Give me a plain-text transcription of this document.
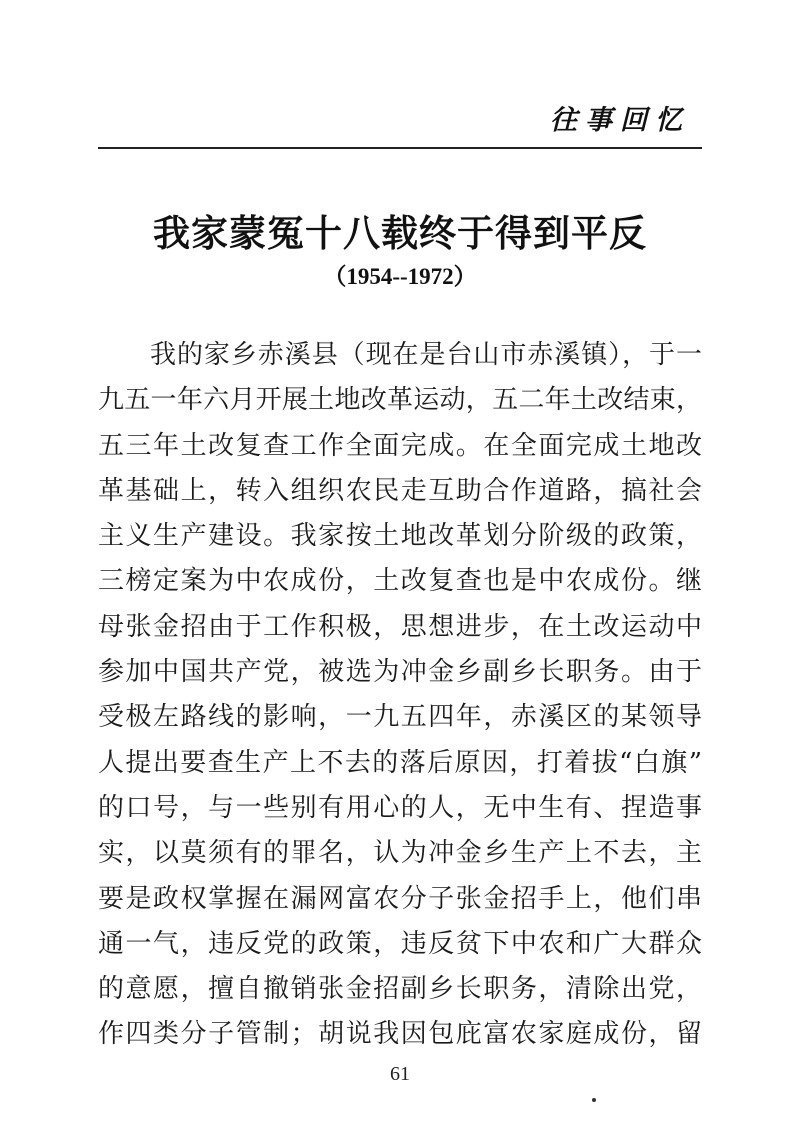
往事回忆
我家蒙冤十八载终于得到平反
（1954--1972）
我的家乡赤溪县（现在是台山市赤溪镇），于一
九五一年六月开展土地改革运动，五二年土改结束，
五三年土改复查工作全面完成。在全面完成土地改
革基础上，转入组织农民走互助合作道路，搞社会
主义生产建设。我家按土地改革划分阶级的政策，
三榜定案为中农成份，土改复查也是中农成份。继
母张金招由于工作积极，思想进步，在土改运动中
参加中国共产党，被选为冲金乡副乡长职务。由于
受极左路线的影响，一九五四年，赤溪区的某领导
人提出要查生产上不去的落后原因，打着拔“白旗”
的口号，与一些别有用心的人，无中生有、捏造事
实，以莫须有的罪名，认为冲金乡生产上不去，主
要是政权掌握在漏网富农分子张金招手上，他们串
通一气，违反党的政策，违反贫下中农和广大群众
的意愿，擅自撤销张金招副乡长职务，清除出党，
作四类分子管制；胡说我因包庇富农家庭成份，留
61
